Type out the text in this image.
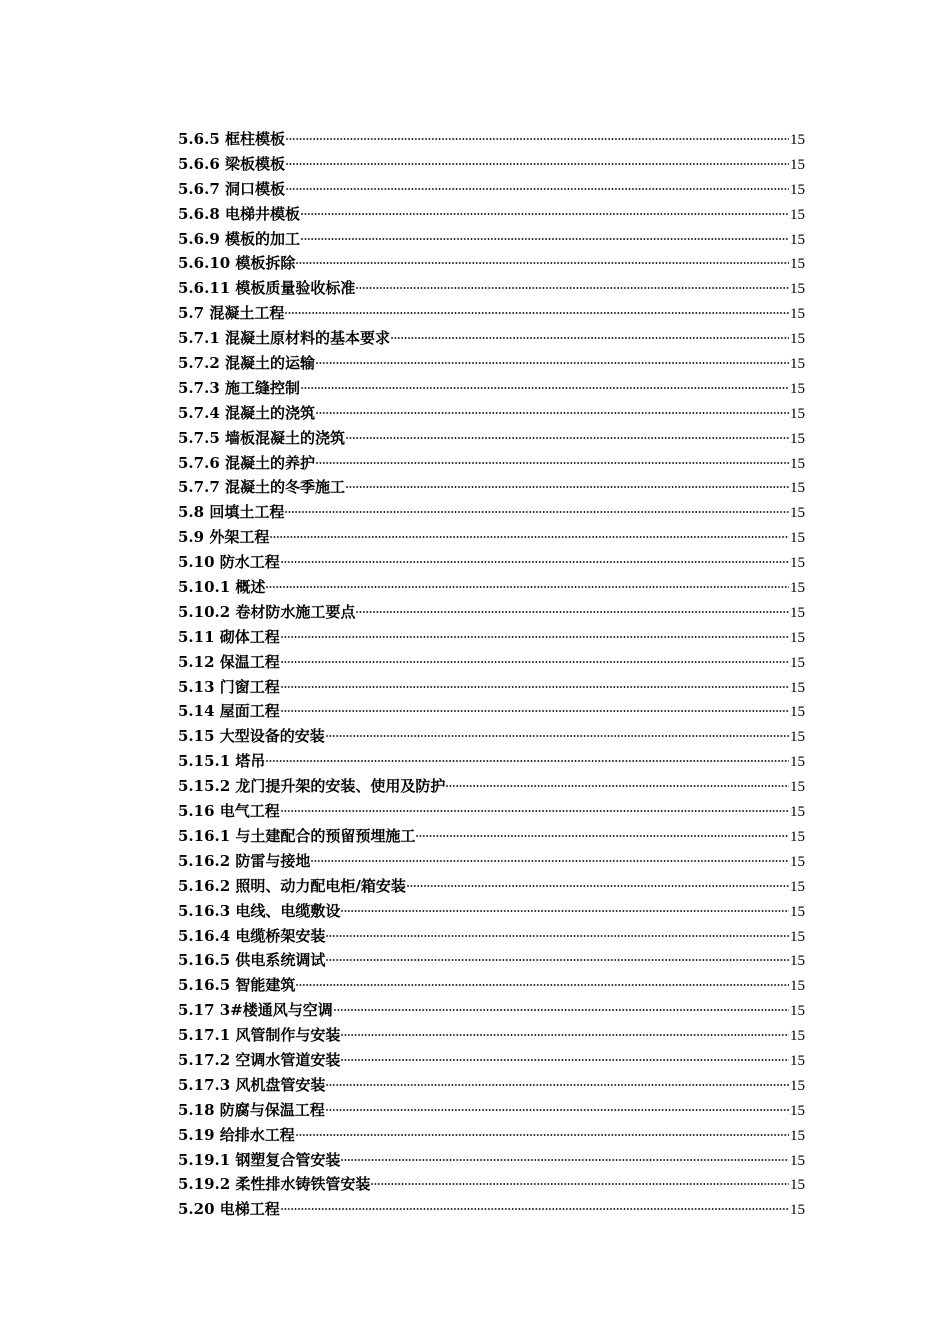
5.6.5 框柱模板	15
5.6.6 梁板模板	15
5.6.7 洞口模板	15
5.6.8 电梯井模板	15
5.6.9 模板的加工	15
5.6.10 模板拆除	15
5.6.11 模板质量验收标准	15
5.7 混凝土工程	15
5.7.1 混凝土原材料的基本要求	15
5.7.2 混凝土的运输	15
5.7.3 施工缝控制	15
5.7.4 混凝土的浇筑	15
5.7.5 墙板混凝土的浇筑	15
5.7.6 混凝土的养护	15
5.7.7 混凝土的冬季施工	15
5.8 回填土工程	15
5.9 外架工程	15
5.10 防水工程	15
5.10.1 概述	15
5.10.2 卷材防水施工要点	15
5.11 砌体工程	15
5.12 保温工程	15
5.13 门窗工程	15
5.14 屋面工程	15
5.15 大型设备的安装	15
5.15.1 塔吊	15
5.15.2 龙门提升架的安装、使用及防护	15
5.16 电气工程	15
5.16.1 与土建配合的预留预埋施工	15
5.16.2 防雷与接地	15
5.16.2 照明、动力配电柜/箱安装	15
5.16.3 电线、电缆敷设	15
5.16.4 电缆桥架安装	15
5.16.5 供电系统调试	15
5.16.5 智能建筑	15
5.17 3#楼通风与空调	15
5.17.1 风管制作与安装	15
5.17.2 空调水管道安装	15
5.17.3 风机盘管安装	15
5.18 防腐与保温工程	15
5.19 给排水工程	15
5.19.1 钢塑复合管安装	15
5.19.2 柔性排水铸铁管安装	15
5.20 电梯工程	15
